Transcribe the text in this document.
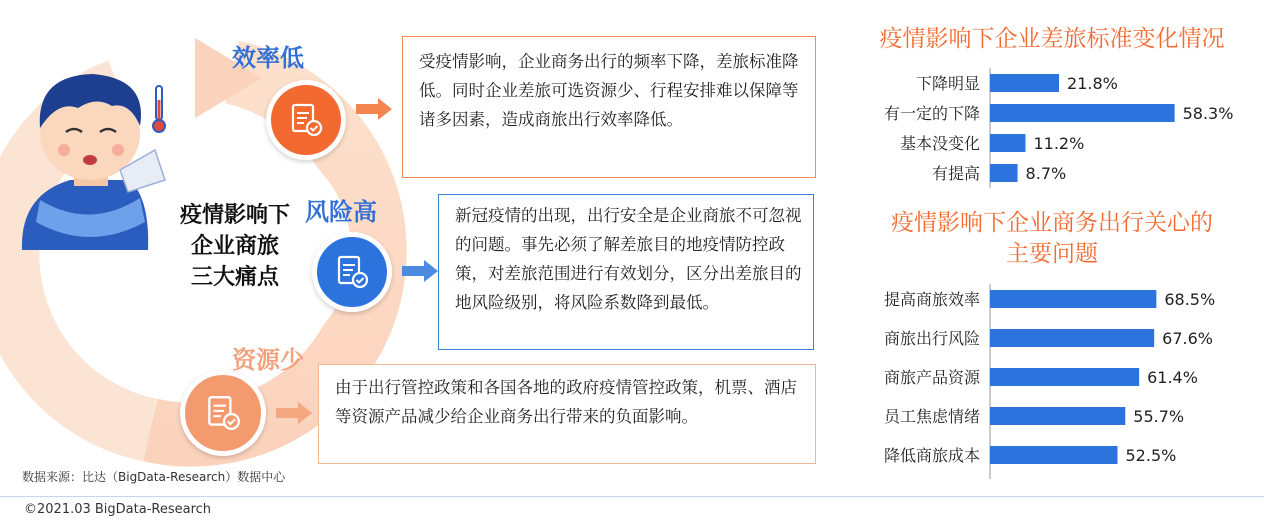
疫情影响下
企业商旅
三大痛点
效率低	受疫情影响，企业商务出行的频率下降，差旅标准降低。同时企业差旅可选资源少、行程安排难以保障等诸多因素，造成商旅出行效率降低。
风险高	新冠疫情的出现，出行安全是企业商旅不可忽视的问题。事先必须了解差旅目的地疫情防控政策，对差旅范围进行有效划分，区分出差旅目的地风险级别，将风险系数降到最低。
资源少
由于出行管控政策和各国各地的政府疫情管控政策，机票、酒店等资源产品减少给企业商务出行带来的负面影响。
数据来源：比达（BigData-Research）数据中心
©2021.03 BigData-Research
疫情影响下企业差旅标准变化情况
下降明显	21.8%
有一定的下降	58.3%
基本没变化	11.2%
有提高	8.7%
疫情影响下企业商务出行关心的
主要问题
提高商旅效率	68.5%
商旅出行风险	67.6%
商旅产品资源	61.4%
员工焦虑情绪	55.7%
降低商旅成本	52.5%
